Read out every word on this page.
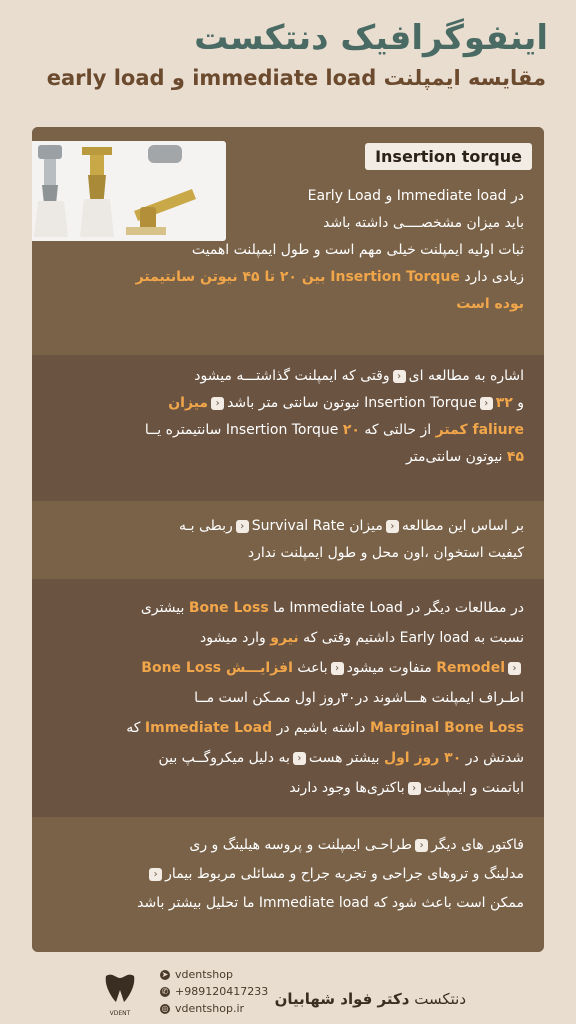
اینفوگرافیک دنتکست
مقایسه ایمپلنت immediate load و early load
Insertion torque
در Immediate load و Early Load
باید میزان مشخصــــی داشته باشد
ثبات اولیه ایمپلنت خیلی مهم است و طول ایمپلنت اهمیت
زیادی دارد Insertion Torque بین ۲۰ تا ۴۵ نیوتن سانتیمتر
بوده است
اشاره به مطالعه ای‹وقتی که ایمپلنت گذاشتـــه میشود
و Insertion Torque‹ ۳۲ نیوتون سانتی متر باشد‹میزان
faliure کمتر از حالتی که Insertion Torque ۲۰ سانتیمتره یــا
۴۵ نیوتون سانتی‌متر
بر اساس این مطالعه‹میزان Survival Rate‹ربطی بـه
کیفیت استخوان ،اون محل و طول ایمپلنت ندارد
در مطالعات دیگر در Immediate Load ما Bone Loss بیشتری
نسبت به Early load داشتیم وقتی که نیرو وارد میشود
‹Remodel متفاوت میشود‹باعث افزایـــش Bone Loss
اطـراف ایمپلنت هـــاشوند در۳۰روز اول ممـکن است مــا
Marginal Bone Loss داشته باشیم در Immediate Load که
شدتش در ۳۰ روز اول بیشتر هست‹به دلیل میکروگــپ بین
اباتمنت و ایمپلنت‹باکتری‌ها وجود دارند
فاکتور های دیگر‹طراحـی ایمپلنت و پروسه هیلینگ و ری
مدلینگ و تروهای جراحی و تجربه جراح و مسائلی مربوط بیمار‹
ممکن است باعث شود که Immediate load ما تحلیل بیشتر باشد
VDENT
➤ vdentshop
✆ +989120417233
◎ vdentshop.ir
دنتکست دکتر فواد شهابیان
